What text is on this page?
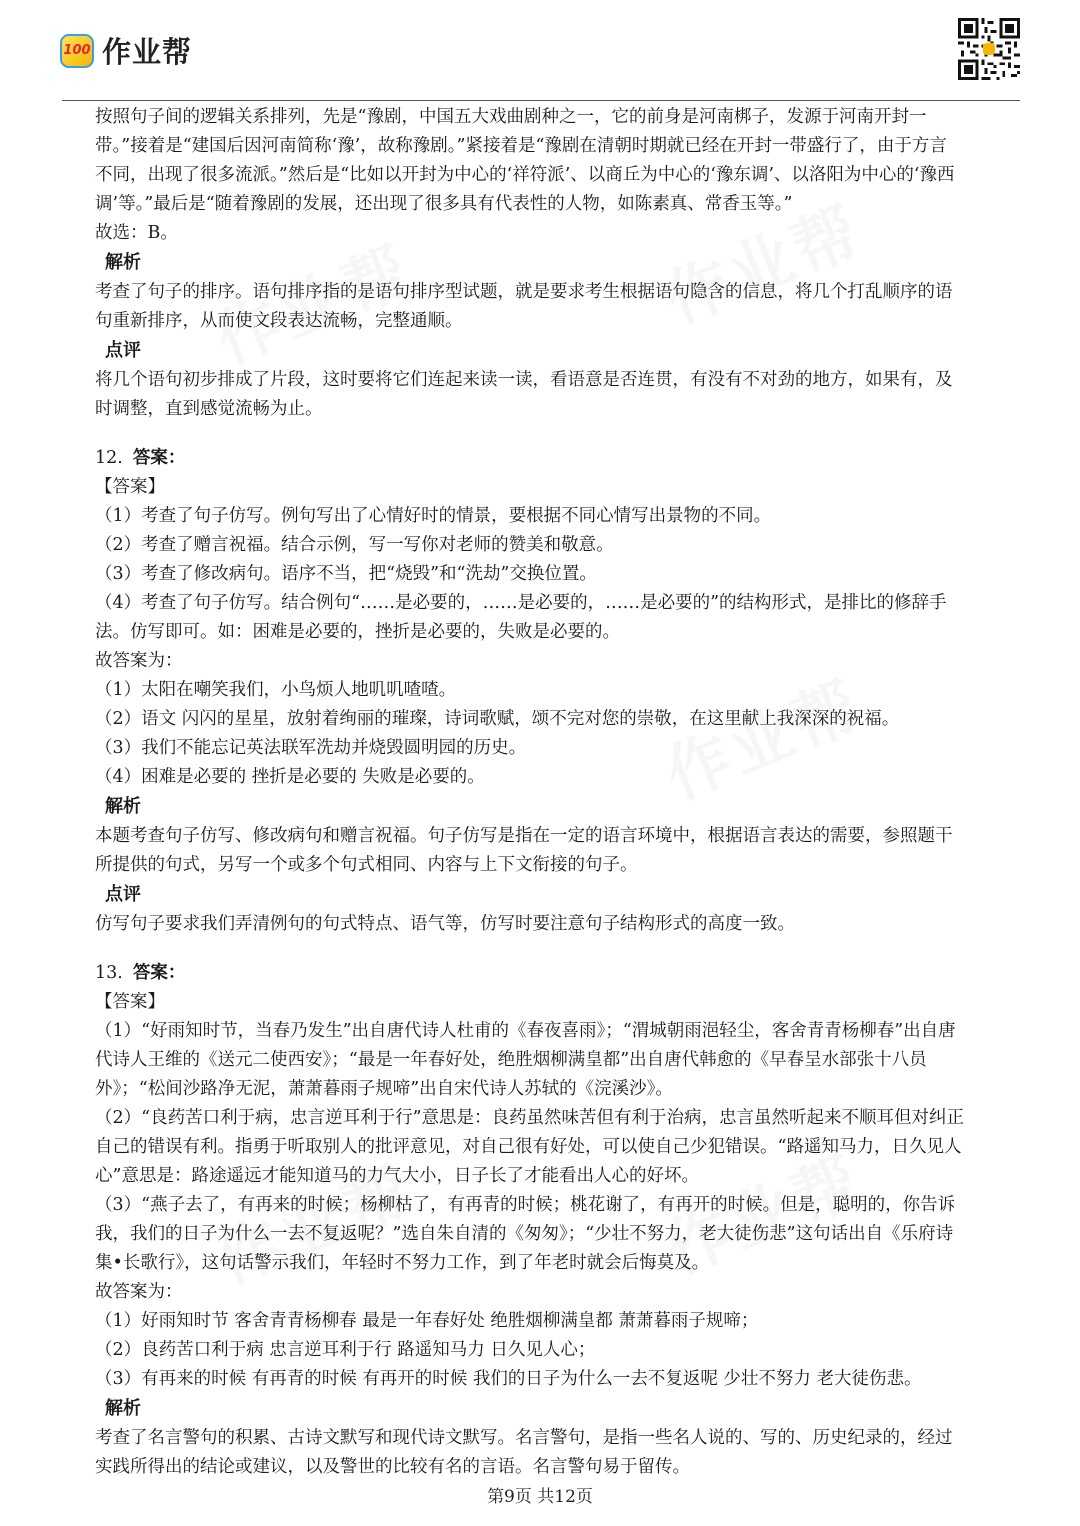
100 作业帮
按照句子间的逻辑关系排列，先是“豫剧，中国五大戏曲剧种之一，它的前身是河南梆子，发源于河南开封一
带。”接着是“建国后因河南简称‘豫’，故称豫剧。”紧接着是“豫剧在清朝时期就已经在开封一带盛行了，由于方言
不同，出现了很多流派。”然后是“比如以开封为中心的‘祥符派’、以商丘为中心的‘豫东调’、以洛阳为中心的‘豫西
调’等。”最后是“随着豫剧的发展，还出现了很多具有代表性的人物，如陈素真、常香玉等。”
故选：B。
解析
考查了句子的排序。语句排序指的是语句排序型试题，就是要求考生根据语句隐含的信息，将几个打乱顺序的语
句重新排序，从而使文段表达流畅，完整通顺。
点评
将几个语句初步排成了片段，这时要将它们连起来读一读，看语意是否连贯，有没有不对劲的地方，如果有，及
时调整，直到感觉流畅为止。
12. 答案：
【答案】
（1）考查了句子仿写。例句写出了心情好时的情景，要根据不同心情写出景物的不同。
（2）考查了赠言祝福。结合示例，写一写你对老师的赞美和敬意。
（3）考查了修改病句。语序不当，把“烧毁”和“洗劫”交换位置。
（4）考查了句子仿写。结合例句“……是必要的，……是必要的，……是必要的”的结构形式，是排比的修辞手
法。仿写即可。如：困难是必要的，挫折是必要的，失败是必要的。
故答案为：
（1）太阳在嘲笑我们，小鸟烦人地叽叽喳喳。
（2）语文 闪闪的星星，放射着绚丽的璀璨，诗词歌赋，颂不完对您的崇敬，在这里献上我深深的祝福。
（3）我们不能忘记英法联军洗劫并烧毁圆明园的历史。
（4）困难是必要的 挫折是必要的 失败是必要的。
解析
本题考查句子仿写、修改病句和赠言祝福。句子仿写是指在一定的语言环境中，根据语言表达的需要，参照题干
所提供的句式，另写一个或多个句式相同、内容与上下文衔接的句子。
点评
仿写句子要求我们弄清例句的句式特点、语气等，仿写时要注意句子结构形式的高度一致。
13. 答案：
【答案】
（1）“好雨知时节，当春乃发生”出自唐代诗人杜甫的《春夜喜雨》；“渭城朝雨浥轻尘，客舍青青杨柳春”出自唐
代诗人王维的《送元二使西安》；“最是一年春好处，绝胜烟柳满皇都”出自唐代韩愈的《早春呈水部张十八员
外》；“松间沙路净无泥，萧萧暮雨子规啼”出自宋代诗人苏轼的《浣溪沙》。
（2）“良药苦口利于病，忠言逆耳利于行”意思是：良药虽然味苦但有利于治病，忠言虽然听起来不顺耳但对纠正
自己的错误有利。指勇于听取别人的批评意见，对自己很有好处，可以使自己少犯错误。“路遥知马力，日久见人
心”意思是：路途遥远才能知道马的力气大小，日子长了才能看出人心的好坏。
（3）“燕子去了，有再来的时候；杨柳枯了，有再青的时候；桃花谢了，有再开的时候。但是，聪明的，你告诉
我，我们的日子为什么一去不复返呢？”选自朱自清的《匆匆》；“少壮不努力，老大徒伤悲”这句话出自《乐府诗
集•长歌行》，这句话警示我们，年轻时不努力工作，到了年老时就会后悔莫及。
故答案为：
（1）好雨知时节 客舍青青杨柳春 最是一年春好处 绝胜烟柳满皇都 萧萧暮雨子规啼；
（2）良药苦口利于病 忠言逆耳利于行 路遥知马力 日久见人心；
（3）有再来的时候 有再青的时候 有再开的时候 我们的日子为什么一去不复返呢 少壮不努力 老大徒伤悲。
解析
考查了名言警句的积累、古诗文默写和现代诗文默写。名言警句，是指一些名人说的、写的、历史纪录的，经过
实践所得出的结论或建议，以及警世的比较有名的言语。名言警句易于留传。
第9页 共12页
